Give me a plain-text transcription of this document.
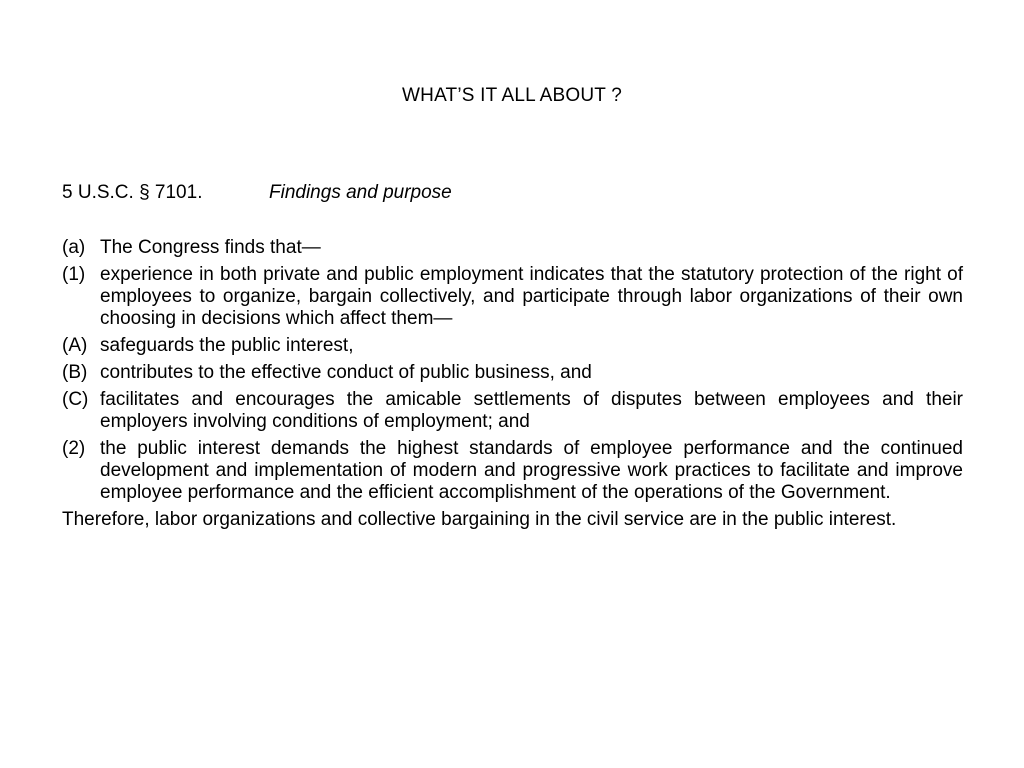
WHAT’S IT ALL ABOUT ?
5 U.S.C. § 7101.	Findings and purpose
(a) The Congress finds that—
(1) experience in both private and public employment indicates that the statutory protection of the right of employees to organize, bargain collectively, and participate through labor organizations of their own choosing in decisions which affect them—
(A) safeguards the public interest,
(B) contributes to the effective conduct of public business, and
(C) facilitates and encourages the amicable settlements of disputes between employees and their employers involving conditions of employment; and
(2) the public interest demands the highest standards of employee performance and the continued development and implementation of modern and progressive work practices to facilitate and improve employee performance and the efficient accomplishment of the operations of the Government.
Therefore, labor organizations and collective bargaining in the civil service are in the public interest.
